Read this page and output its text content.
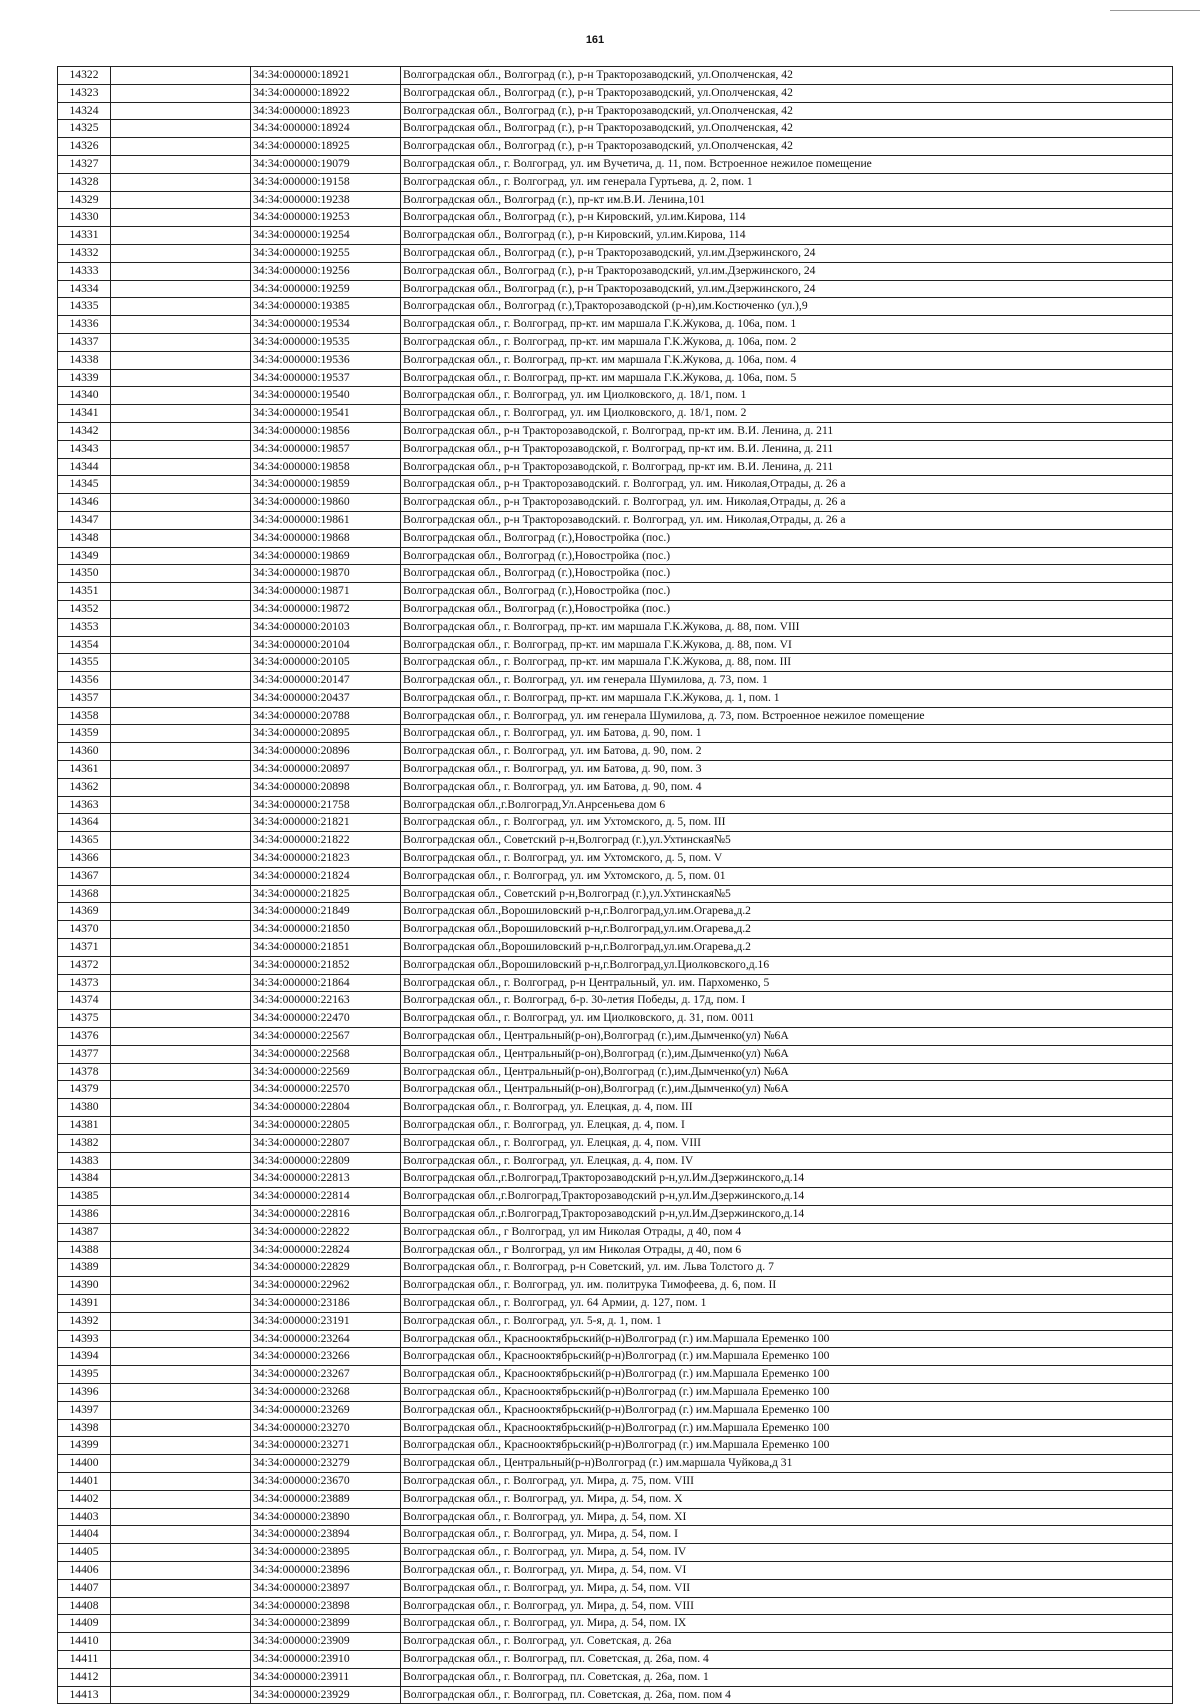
161
14322		34:34:000000:18921	Волгоградская обл., Волгоград (г.), р-н Тракторозаводский, ул.Ополченская, 42
14323		34:34:000000:18922	Волгоградская обл., Волгоград (г.), р-н Тракторозаводский, ул.Ополченская, 42
14324		34:34:000000:18923	Волгоградская обл., Волгоград (г.), р-н Тракторозаводский, ул.Ополченская, 42
14325		34:34:000000:18924	Волгоградская обл., Волгоград (г.), р-н Тракторозаводский, ул.Ополченская, 42
14326		34:34:000000:18925	Волгоградская обл., Волгоград (г.), р-н Тракторозаводский, ул.Ополченская, 42
14327		34:34:000000:19079	Волгоградская обл., г. Волгоград, ул. им Вучетича, д. 11, пом. Встроенное нежилое помещение
14328		34:34:000000:19158	Волгоградская обл., г. Волгоград, ул. им генерала Гуртьева, д. 2, пом. 1
14329		34:34:000000:19238	Волгоградская обл., Волгоград (г.), пр-кт им.В.И. Ленина,101
14330		34:34:000000:19253	Волгоградская обл., Волгоград (г.), р-н Кировский, ул.им.Кирова, 114
14331		34:34:000000:19254	Волгоградская обл., Волгоград (г.), р-н Кировский, ул.им.Кирова, 114
14332		34:34:000000:19255	Волгоградская обл., Волгоград (г.), р-н Тракторозаводский, ул.им.Дзержинского, 24
14333		34:34:000000:19256	Волгоградская обл., Волгоград (г.), р-н Тракторозаводский, ул.им.Дзержинского, 24
14334		34:34:000000:19259	Волгоградская обл., Волгоград (г.), р-н Тракторозаводский, ул.им.Дзержинского, 24
14335		34:34:000000:19385	Волгоградская обл., Волгоград (г.),Тракторозаводской (р-н),им.Костюченко (ул.),9
14336		34:34:000000:19534	Волгоградская обл., г. Волгоград, пр-кт. им маршала Г.К.Жукова, д. 106а, пом. 1
14337		34:34:000000:19535	Волгоградская обл., г. Волгоград, пр-кт. им маршала Г.К.Жукова, д. 106а, пом. 2
14338		34:34:000000:19536	Волгоградская обл., г. Волгоград, пр-кт. им маршала Г.К.Жукова, д. 106а, пом. 4
14339		34:34:000000:19537	Волгоградская обл., г. Волгоград, пр-кт. им маршала Г.К.Жукова, д. 106а, пом. 5
14340		34:34:000000:19540	Волгоградская обл., г. Волгоград, ул. им Циолковского, д. 18/1, пом. 1
14341		34:34:000000:19541	Волгоградская обл., г. Волгоград, ул. им Циолковского, д. 18/1, пом. 2
14342		34:34:000000:19856	Волгоградская обл., р-н Тракторозаводской, г. Волгоград, пр-кт им. В.И. Ленина, д. 211
14343		34:34:000000:19857	Волгоградская обл., р-н Тракторозаводской, г. Волгоград, пр-кт им. В.И. Ленина, д. 211
14344		34:34:000000:19858	Волгоградская обл., р-н Тракторозаводской, г. Волгоград, пр-кт им. В.И. Ленина, д. 211
14345		34:34:000000:19859	Волгоградская обл., р-н Тракторозаводский. г. Волгоград, ул. им. Николая,Отрады, д. 26 а
14346		34:34:000000:19860	Волгоградская обл., р-н Тракторозаводский. г. Волгоград, ул. им. Николая,Отрады, д. 26 а
14347		34:34:000000:19861	Волгоградская обл., р-н Тракторозаводский. г. Волгоград, ул. им. Николая,Отрады, д. 26 а
14348		34:34:000000:19868	Волгоградская обл., Волгоград (г.),Новостройка (пос.)
14349		34:34:000000:19869	Волгоградская обл., Волгоград (г.),Новостройка (пос.)
14350		34:34:000000:19870	Волгоградская обл., Волгоград (г.),Новостройка (пос.)
14351		34:34:000000:19871	Волгоградская обл., Волгоград (г.),Новостройка (пос.)
14352		34:34:000000:19872	Волгоградская обл., Волгоград (г.),Новостройка (пос.)
14353		34:34:000000:20103	Волгоградская обл., г. Волгоград, пр-кт. им маршала Г.К.Жукова, д. 88, пом. VIII
14354		34:34:000000:20104	Волгоградская обл., г. Волгоград, пр-кт. им маршала Г.К.Жукова, д. 88, пом. VI
14355		34:34:000000:20105	Волгоградская обл., г. Волгоград, пр-кт. им маршала Г.К.Жукова, д. 88, пом. III
14356		34:34:000000:20147	Волгоградская обл., г. Волгоград, ул. им генерала Шумилова, д. 73, пом. 1
14357		34:34:000000:20437	Волгоградская обл., г. Волгоград, пр-кт. им маршала Г.К.Жукова, д. 1, пом. 1
14358		34:34:000000:20788	Волгоградская обл., г. Волгоград, ул. им генерала Шумилова, д. 73, пом. Встроенное нежилое помещение
14359		34:34:000000:20895	Волгоградская обл., г. Волгоград, ул. им Батова, д. 90, пом. 1
14360		34:34:000000:20896	Волгоградская обл., г. Волгоград, ул. им Батова, д. 90, пом. 2
14361		34:34:000000:20897	Волгоградская обл., г. Волгоград, ул. им Батова, д. 90, пом. 3
14362		34:34:000000:20898	Волгоградская обл., г. Волгоград, ул. им Батова, д. 90, пом. 4
14363		34:34:000000:21758	Волгоградская обл.,г.Волгоград,Ул.Анрсеньева дом 6
14364		34:34:000000:21821	Волгоградская обл., г. Волгоград, ул. им Ухтомского, д. 5, пом. III
14365		34:34:000000:21822	Волгоградская обл., Советский р-н,Волгоград (г.),ул.Ухтинская№5
14366		34:34:000000:21823	Волгоградская обл., г. Волгоград, ул. им Ухтомского, д. 5, пом. V
14367		34:34:000000:21824	Волгоградская обл., г. Волгоград, ул. им Ухтомского, д. 5, пом. 01
14368		34:34:000000:21825	Волгоградская обл., Советский р-н,Волгоград (г.),ул.Ухтинская№5
14369		34:34:000000:21849	Волгоградская обл.,Ворошиловский р-н,г.Волгоград,ул.им.Огарева,д.2
14370		34:34:000000:21850	Волгоградская обл.,Ворошиловский р-н,г.Волгоград,ул.им.Огарева,д.2
14371		34:34:000000:21851	Волгоградская обл.,Ворошиловский р-н,г.Волгоград,ул.им.Огарева,д.2
14372		34:34:000000:21852	Волгоградская обл.,Ворошиловский р-н,г.Волгоград,ул.Циолковского,д.16
14373		34:34:000000:21864	Волгоградская обл., г. Волгоград, р-н Центральный, ул. им. Пархоменко, 5
14374		34:34:000000:22163	Волгоградская обл., г. Волгоград, б-р. 30-летия Победы, д. 17д, пом. I
14375		34:34:000000:22470	Волгоградская обл., г. Волгоград, ул. им Циолковского, д. 31, пом. 0011
14376		34:34:000000:22567	Волгоградская обл., Центральный(р-он),Волгоград (г.),им.Дымченко(ул) №6А
14377		34:34:000000:22568	Волгоградская обл., Центральный(р-он),Волгоград (г.),им.Дымченко(ул) №6А
14378		34:34:000000:22569	Волгоградская обл., Центральный(р-он),Волгоград (г.),им.Дымченко(ул) №6А
14379		34:34:000000:22570	Волгоградская обл., Центральный(р-он),Волгоград (г.),им.Дымченко(ул) №6А
14380		34:34:000000:22804	Волгоградская обл., г. Волгоград, ул. Елецкая, д. 4, пом. III
14381		34:34:000000:22805	Волгоградская обл., г. Волгоград, ул. Елецкая, д. 4, пом. I
14382		34:34:000000:22807	Волгоградская обл., г. Волгоград, ул. Елецкая, д. 4, пом. VIII
14383		34:34:000000:22809	Волгоградская обл., г. Волгоград, ул. Елецкая, д. 4, пом. IV
14384		34:34:000000:22813	Волгоградская обл.,г.Волгоград,Тракторозаводский р-н,ул.Им.Дзержинского,д.14
14385		34:34:000000:22814	Волгоградская обл.,г.Волгоград,Тракторозаводский р-н,ул.Им.Дзержинского,д.14
14386		34:34:000000:22816	Волгоградская обл.,г.Волгоград,Тракторозаводский р-н,ул.Им.Дзержинского,д.14
14387		34:34:000000:22822	Волгоградская обл., г Волгоград, ул им Николая Отрады, д 40, пом 4
14388		34:34:000000:22824	Волгоградская обл., г Волгоград, ул им Николая Отрады, д 40, пом 6
14389		34:34:000000:22829	Волгоградская обл., г. Волгоград, р-н Советский, ул. им. Льва Толстого д. 7
14390		34:34:000000:22962	Волгоградская обл., г. Волгоград, ул. им. политрука Тимофеева, д. 6, пом. II
14391		34:34:000000:23186	Волгоградская обл., г. Волгоград, ул. 64 Армии, д. 127, пом. 1
14392		34:34:000000:23191	Волгоградская обл., г. Волгоград, ул. 5-я, д. 1, пом. 1
14393		34:34:000000:23264	Волгоградская обл., Краснооктябрьский(р-н)Волгоград (г.) им.Маршала Еременко 100
14394		34:34:000000:23266	Волгоградская обл., Краснооктябрьский(р-н)Волгоград (г.) им.Маршала Еременко 100
14395		34:34:000000:23267	Волгоградская обл., Краснооктябрьский(р-н)Волгоград (г.) им.Маршала Еременко 100
14396		34:34:000000:23268	Волгоградская обл., Краснооктябрьский(р-н)Волгоград (г.) им.Маршала Еременко 100
14397		34:34:000000:23269	Волгоградская обл., Краснооктябрьский(р-н)Волгоград (г.) им.Маршала Еременко 100
14398		34:34:000000:23270	Волгоградская обл., Краснооктябрьский(р-н)Волгоград (г.) им.Маршала Еременко 100
14399		34:34:000000:23271	Волгоградская обл., Краснооктябрьский(р-н)Волгоград (г.) им.Маршала Еременко 100
14400		34:34:000000:23279	Волгоградская обл., Центральный(р-н)Волгоград (г.) им.маршала Чуйкова,д 31
14401		34:34:000000:23670	Волгоградская обл., г. Волгоград, ул. Мира, д. 75, пом. VIII
14402		34:34:000000:23889	Волгоградская обл., г. Волгоград, ул. Мира, д. 54, пом. X
14403		34:34:000000:23890	Волгоградская обл., г. Волгоград, ул. Мира, д. 54, пом. XI
14404		34:34:000000:23894	Волгоградская обл., г. Волгоград, ул. Мира, д. 54, пом. I
14405		34:34:000000:23895	Волгоградская обл., г. Волгоград, ул. Мира, д. 54, пом. IV
14406		34:34:000000:23896	Волгоградская обл., г. Волгоград, ул. Мира, д. 54, пом. VI
14407		34:34:000000:23897	Волгоградская обл., г. Волгоград, ул. Мира, д. 54, пом. VII
14408		34:34:000000:23898	Волгоградская обл., г. Волгоград, ул. Мира, д. 54, пом. VIII
14409		34:34:000000:23899	Волгоградская обл., г. Волгоград, ул. Мира, д. 54, пом. IX
14410		34:34:000000:23909	Волгоградская обл., г. Волгоград, ул. Советская, д. 26а
14411		34:34:000000:23910	Волгоградская обл., г. Волгоград, пл. Советская, д. 26а, пом. 4
14412		34:34:000000:23911	Волгоградская обл., г. Волгоград, пл. Советская, д. 26а, пом. 1
14413		34:34:000000:23929	Волгоградская обл., г. Волгоград, пл. Советская, д. 26а, пом. пом 4
